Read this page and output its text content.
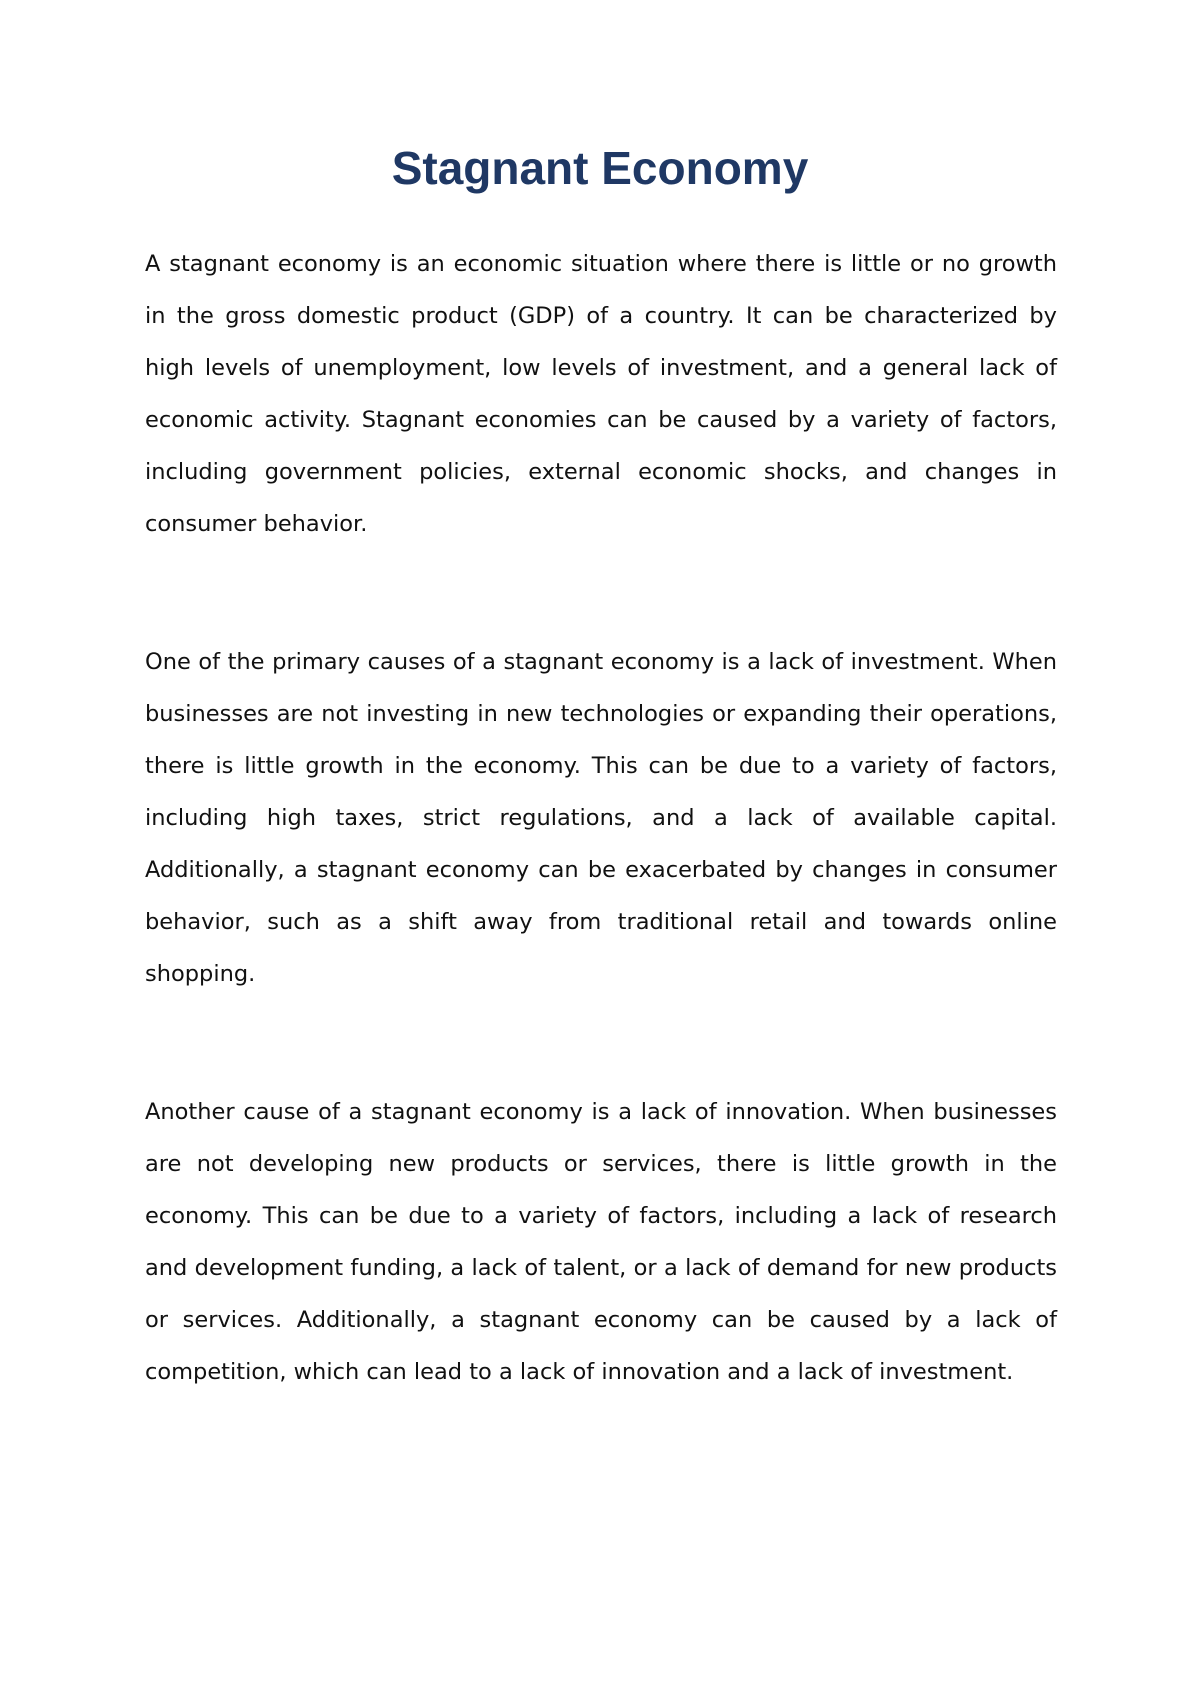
Stagnant Economy

A stagnant economy is an economic situation where there is little or no growth in the gross domestic product (GDP) of a country. It can be characterized by high levels of unemployment, low levels of investment, and a general lack of economic activity. Stagnant economies can be caused by a variety of factors, including government policies, external economic shocks, and changes in consumer behavior.

One of the primary causes of a stagnant economy is a lack of investment. When businesses are not investing in new technologies or expanding their operations, there is little growth in the economy. This can be due to a variety of factors, including high taxes, strict regulations, and a lack of available capital. Additionally, a stagnant economy can be exacerbated by changes in consumer behavior, such as a shift away from traditional retail and towards online shopping.

Another cause of a stagnant economy is a lack of innovation. When businesses are not developing new products or services, there is little growth in the economy. This can be due to a variety of factors, including a lack of research and development funding, a lack of talent, or a lack of demand for new products or services. Additionally, a stagnant economy can be caused by a lack of competition, which can lead to a lack of innovation and a lack of investment.
